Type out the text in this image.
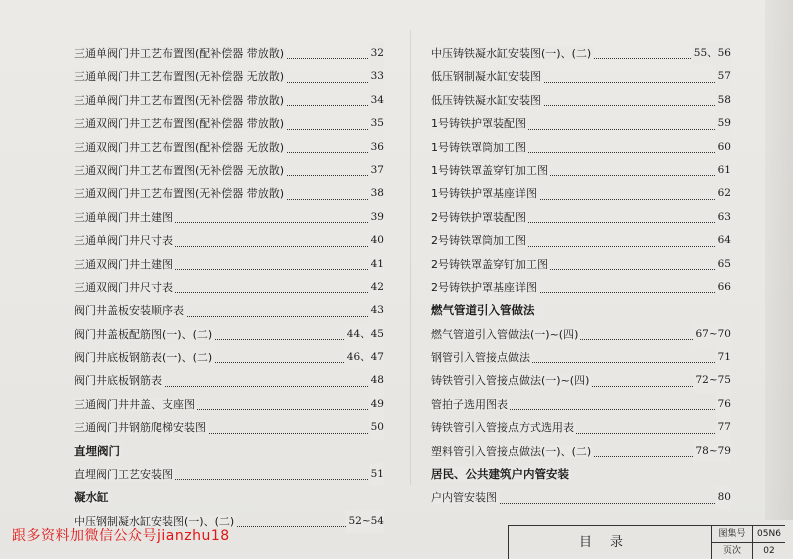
三通单阀门井工艺布置图(配补偿器 带放散)	32
三通单阀门井工艺布置图(无补偿器 无放散)	33
三通单阀门井工艺布置图(无补偿器 带放散)	34
三通双阀门井工艺布置图(配补偿器 带放散)	35
三通双阀门井工艺布置图(配补偿器 无放散)	36
三通双阀门井工艺布置图(无补偿器 无放散)	37
三通双阀门井工艺布置图(无补偿器 带放散)	38
三通单阀门井土建图	39
三通单阀门井尺寸表	40
三通双阀门井土建图	41
三通双阀门井尺寸表	42
阀门井盖板安装顺序表	43
阀门井盖板配筋图(一)、(二)	44、45
阀门井底板钢筋表(一)、(二)	46、47
阀门井底板钢筋表	48
三通阀门井井盖、支座图	49
三通阀门井钢筋爬梯安装图	50
直埋阀门
直埋阀门工艺安装图	51
凝水缸
中压钢制凝水缸安装图(一)、(二)	52~54
中压铸铁凝水缸安装图(一)、(二)	55、56
低压钢制凝水缸安装图	57
低压铸铁凝水缸安装图	58
1号铸铁护罩装配图	59
1号铸铁罩筒加工图	60
1号铸铁罩盖穿钉加工图	61
1号铸铁护罩基座详图	62
2号铸铁护罩装配图	63
2号铸铁罩筒加工图	64
2号铸铁罩盖穿钉加工图	65
2号铸铁护罩基座详图	66
燃气管道引入管做法
燃气管道引入管做法(一)~(四)	67~70
钢管引入管接点做法	71
铸铁管引入管接点做法(一)~(四)	72~75
管拍子选用图表	76
铸铁管引入管接点方式选用表	77
塑料管引入管接点做法(一)、(二)	78~79
居民、公共建筑户内管安装
户内管安装图	80
目录
图集号	05N6
页次	02
跟多资料加微信公众号jianzhu18
